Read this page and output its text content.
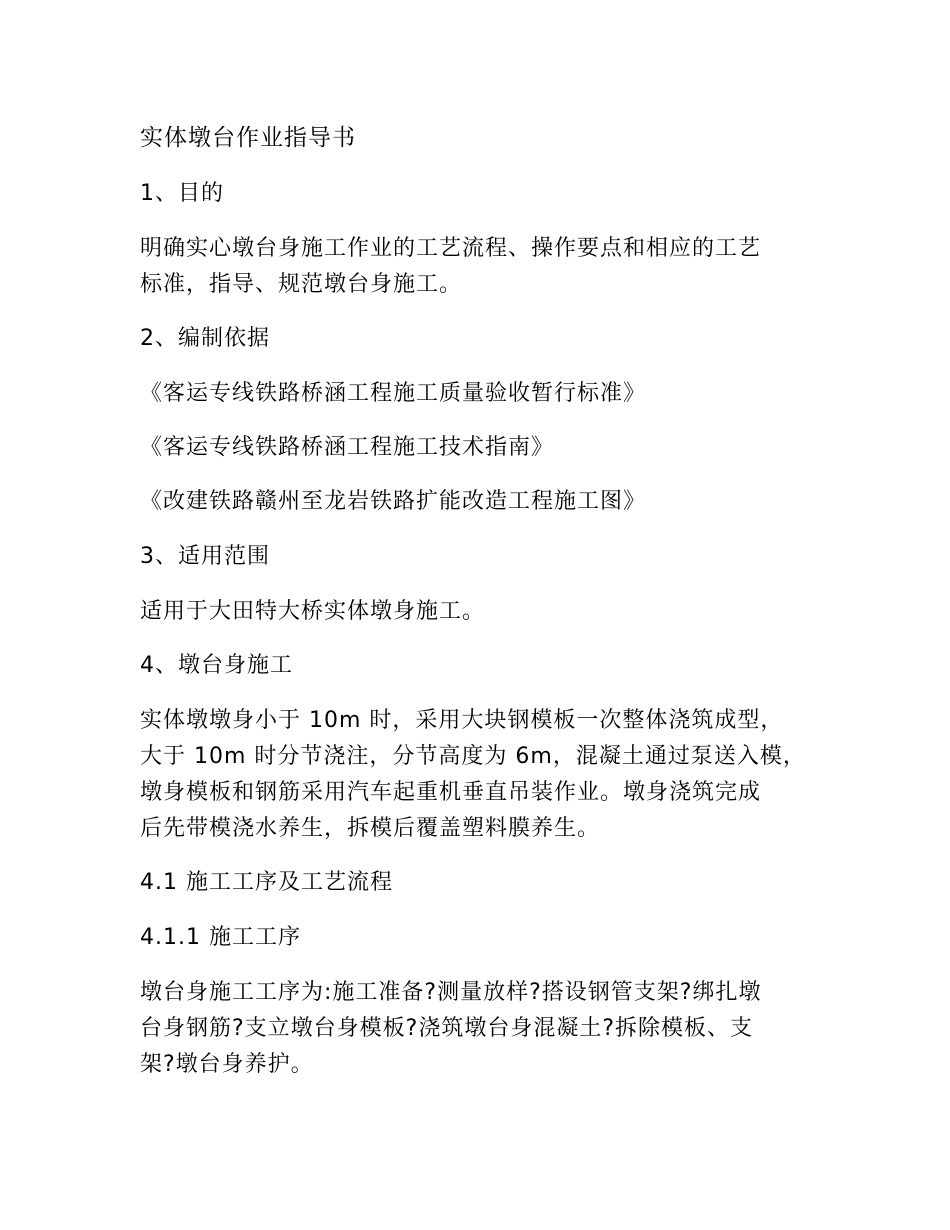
实体墩台作业指导书

1、目的

明确实心墩台身施工作业的工艺流程、操作要点和相应的工艺

标准，指导、规范墩台身施工。

2、编制依据

《客运专线铁路桥涵工程施工质量验收暂行标准》

《客运专线铁路桥涵工程施工技术指南》

《改建铁路赣州至龙岩铁路扩能改造工程施工图》

3、适用范围

适用于大田特大桥实体墩身施工。

4、墩台身施工

实体墩墩身小于 10m 时，采用大块钢模板一次整体浇筑成型，

大于 10m 时分节浇注，分节高度为 6m，混凝土通过泵送入模，

墩身模板和钢筋采用汽车起重机垂直吊装作业。墩身浇筑完成

后先带模浇水养生，拆模后覆盖塑料膜养生。

4.1 施工工序及工艺流程

4.1.1 施工工序

墩台身施工工序为:施工准备?测量放样?搭设钢管支架?绑扎墩

台身钢筋?支立墩台身模板?浇筑墩台身混凝土?拆除模板、支

架?墩台身养护。
